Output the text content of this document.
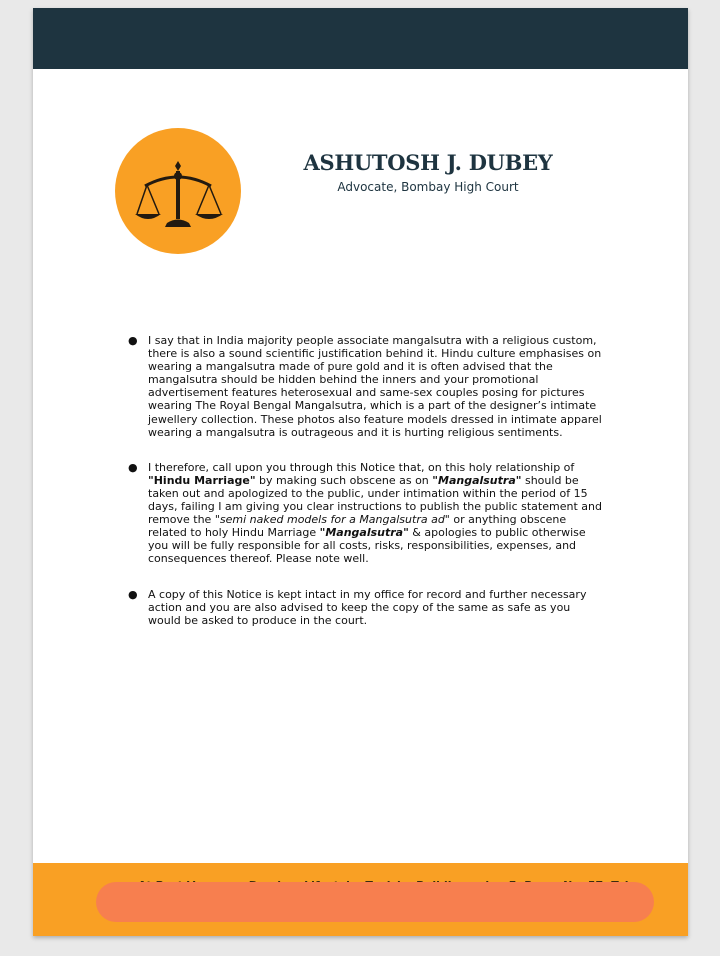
ASHUTOSH J. DUBEY
Advocate, Bombay High Court
● I say that in India majority people associate mangalsutra with a religious custom, there is also a sound scientific justification behind it. Hindu culture emphasises on wearing a mangalsutra made of pure gold and it is often advised that the mangalsutra should be hidden behind the inners and your promotional advertisement features heterosexual and same-sex couples posing for pictures wearing The Royal Bengal Mangalsutra, which is a part of the designer’s intimate jewellery collection. These photos also feature models dressed in intimate apparel wearing a mangalsutra is outrageous and it is hurting religious sentiments.
● I therefore, call upon you through this Notice that, on this holy relationship of "Hindu Marriage" by making such obscene as on "Mangalsutra" should be taken out and apologized to the public, under intimation within the period of 15 days, failing I am giving you clear instructions to publish the public statement and remove the "semi naked models for a Mangalsutra ad" or anything obscene related to holy Hindu Marriage "Mangalsutra" & apologies to public otherwise you will be fully responsible for all costs, risks, responsibilities, expenses, and consequences thereof. Please note well.
● A copy of this Notice is kept intact in my office for record and further necessary action and you are also advised to keep the copy of the same as safe as you would be asked to produce in the court.
